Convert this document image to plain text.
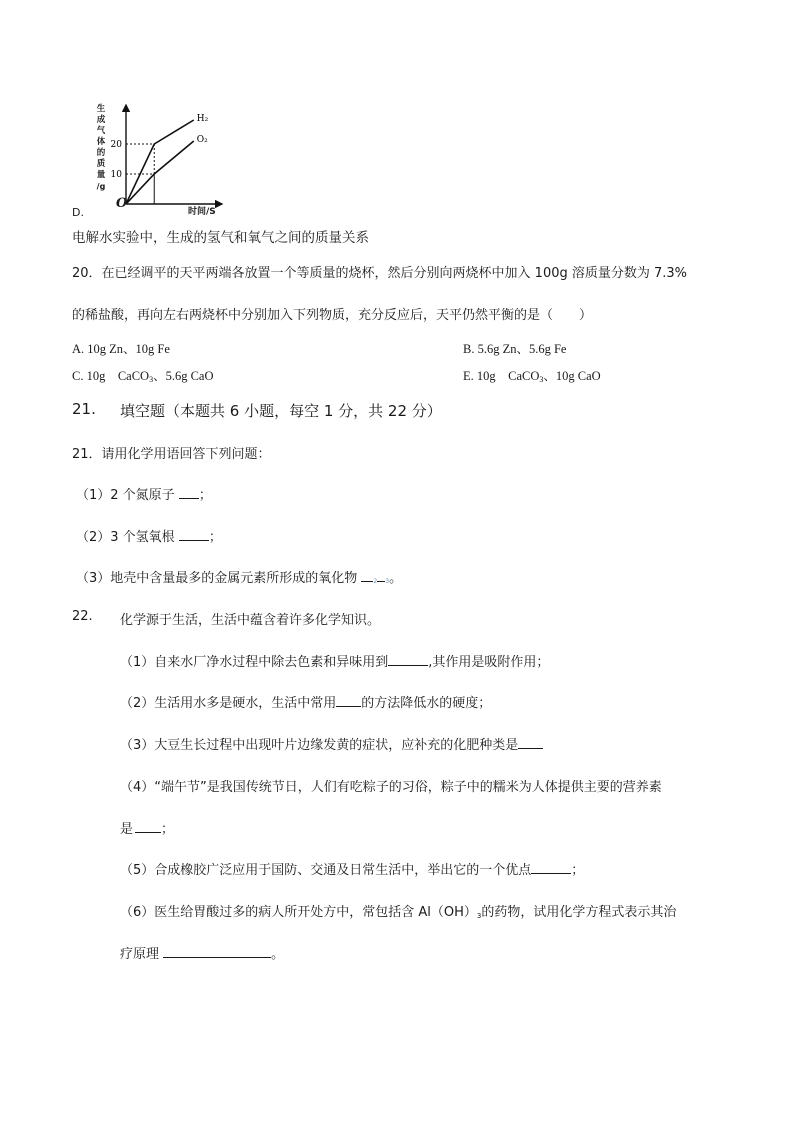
生
成
气
体
的
质
量
/g
10
20
H₂
O₂
O
时间/S
D.
电解水实验中，生成的氢气和氧气之间的质量关系
20．在已经调平的天平两端各放置一个等质量的烧杯，然后分别向两烧杯中加入 100g 溶质量分数为 7.3%
的稀盐酸，再向左右两烧杯中分别加入下列物质，充分反应后，天平仍然平衡的是（　　）
A. 10g Zn、10g Fe	B. 5.6g Zn、5.6g Fe
C. 10g　CaCO$_3$、5.6g CaO	E. 10g　CaCO$_3$、10g CaO
21. 填空题（本题共 6 小题，每空 1 分，共 22 分）
21．请用化学用语回答下列问题：
（1）2 个氮原子 ；
（2）3 个氢氧根	；
（3）地壳中含量最多的金属元素所形成的氧化物	2 3。
22. 化学源于生活，生活中蕴含着许多化学知识。
（1）自来水厂净水过程中除去色素和异味用到	,其作用是吸附作用；
（2）生活用水多是硬水，生活中常用 的方法降低水的硬度；
（3）大豆生长过程中出现叶片边缘发黄的症状，应补充的化肥种类是
（4）“端午节”是我国传统节日，人们有吃粽子的习俗，粽子中的糯米为人体提供主要的营养素
是 ；
（5）合成橡胶广泛应用于国防、交通及日常生活中，举出它的一个优点	；
（6）医生给胃酸过多的病人所开处方中，常包括含 $Al(OH)_3$的药物，试用化学方程式表示其治
疗原理	。
